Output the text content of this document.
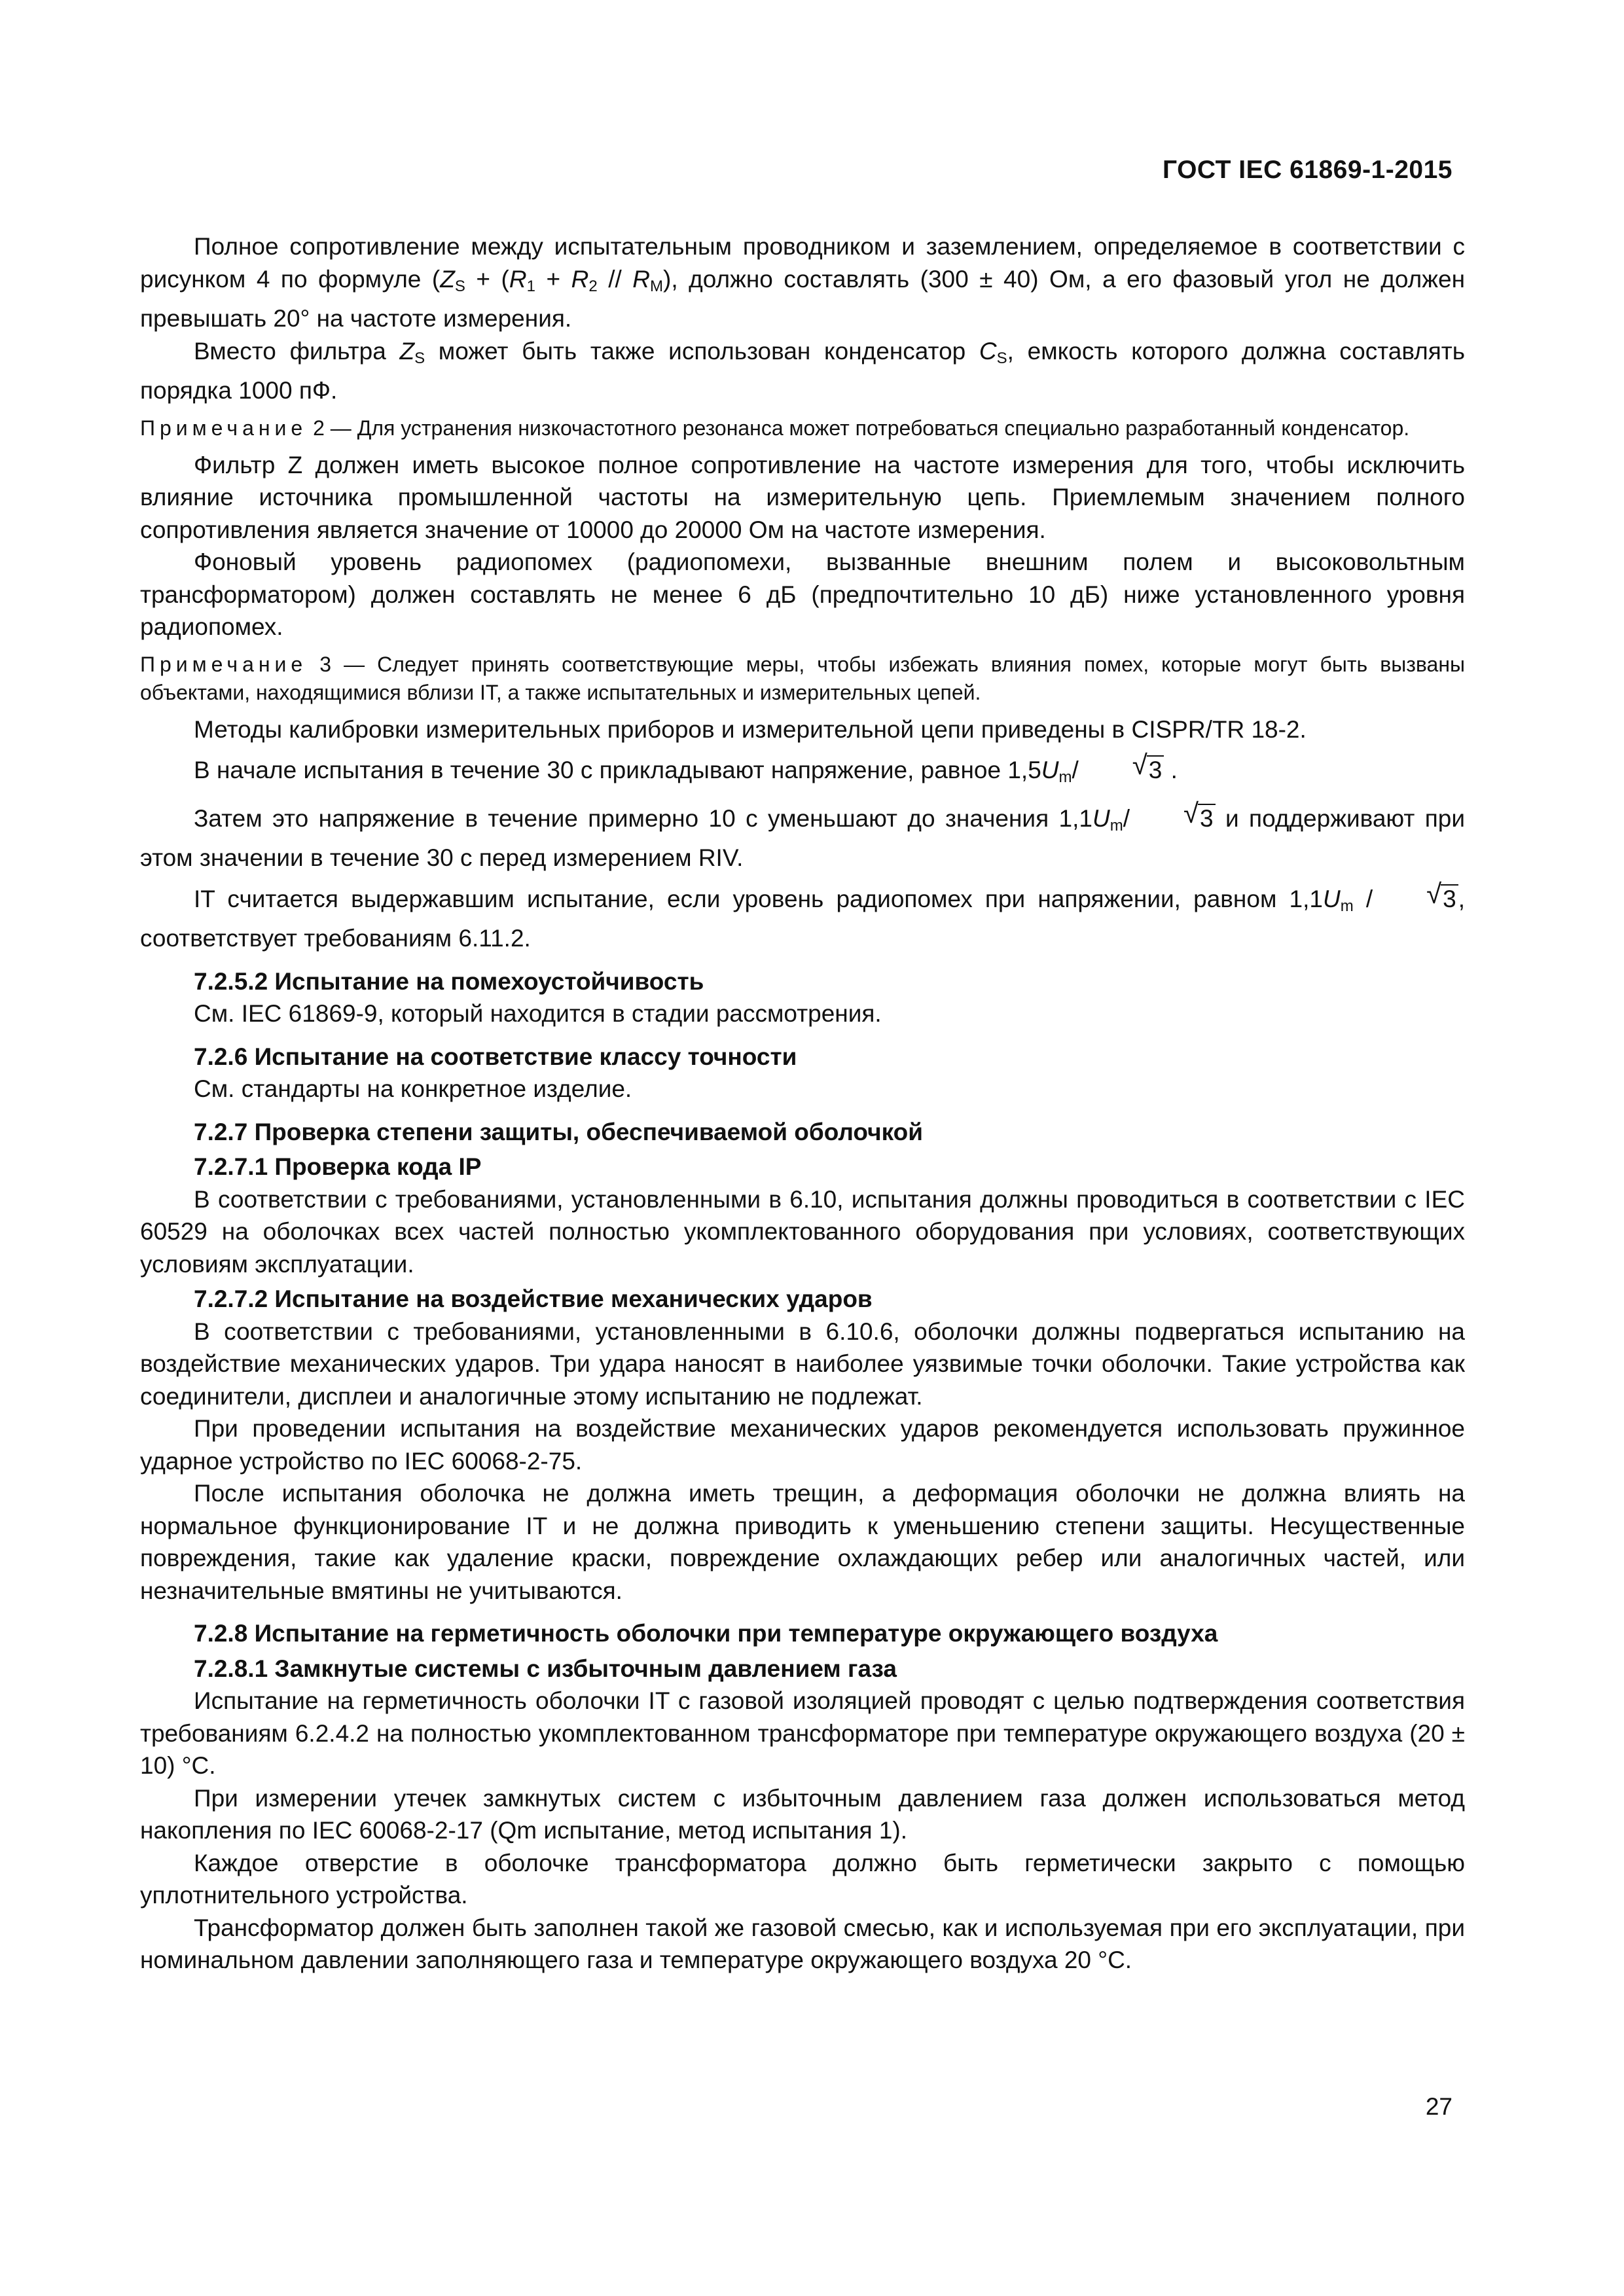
ГОСТ IEC 61869-1-2015

Полное сопротивление между испытательным проводником и заземлением, определяемое в соответствии с рисунком 4 по формуле (ZS + (R1 + R2 // RM), должно составлять (300 ± 40) Ом, а его фазовый угол не должен превышать 20° на частоте измерения.

Вместо фильтра ZS может быть также использован конденсатор CS, емкость которого должна составлять порядка 1000 пФ.

Примечание 2 — Для устранения низкочастотного резонанса может потребоваться специально разработанный конденсатор.

Фильтр Z должен иметь высокое полное сопротивление на частоте измерения для того, чтобы исключить влияние источника промышленной частоты на измерительную цепь. Приемлемым значением полного сопротивления является значение от 10000 до 20000 Ом на частоте измерения.

Фоновый уровень радиопомех (радиопомехи, вызванные внешним полем и высоковольтным трансформатором) должен составлять не менее 6 дБ (предпочтительно 10 дБ) ниже установленного уровня радиопомех.

Примечание 3 — Следует принять соответствующие меры, чтобы избежать влияния помех, которые могут быть вызваны объектами, находящимися вблизи IT, а также испытательных и измерительных цепей.

Методы калибровки измерительных приборов и измерительной цепи приведены в CISPR/TR 18-2.

В начале испытания в течение 30 с прикладывают напряжение, равное 1,5Um/	√ 3 .

Затем это напряжение в течение примерно 10 с уменьшают до значения 1,1Um/	√ 3 и поддерживают при этом значении в течение 30 с перед измерением RIV.

IT считается выдержавшим испытание, если уровень радиопомех при напряжении, равном 1,1Um /	√ 3, соответствует требованиям 6.11.2.

7.2.5.2 Испытание на помехоустойчивость

См. IEC 61869-9, который находится в стадии рассмотрения.

7.2.6 Испытание на соответствие классу точности

См. стандарты на конкретное изделие.

7.2.7 Проверка степени защиты, обеспечиваемой оболочкой
7.2.7.1 Проверка кода IP

В соответствии с требованиями, установленными в 6.10, испытания должны проводиться в соответствии с IEC 60529 на оболочках всех частей полностью укомплектованного оборудования при условиях, соответствующих условиям эксплуатации.

7.2.7.2 Испытание на воздействие механических ударов

В соответствии с требованиями, установленными в 6.10.6, оболочки должны подвергаться испытанию на воздействие механических ударов. Три удара наносят в наиболее уязвимые точки оболочки. Такие устройства как соединители, дисплеи и аналогичные этому испытанию не подлежат.

При проведении испытания на воздействие механических ударов рекомендуется использовать пружинное ударное устройство по IEC 60068-2-75.

После испытания оболочка не должна иметь трещин, а деформация оболочки не должна влиять на нормальное функционирование IT и не должна приводить к уменьшению степени защиты. Несущественные повреждения, такие как удаление краски, повреждение охлаждающих ребер или аналогичных частей, или незначительные вмятины не учитываются.

7.2.8 Испытание на герметичность оболочки при температуре окружающего воздуха
7.2.8.1 Замкнутые системы с избыточным давлением газа

Испытание на герметичность оболочки IT с газовой изоляцией проводят с целью подтверждения соответствия требованиям 6.2.4.2 на полностью укомплектованном трансформаторе при температуре окружающего воздуха (20 ± 10) °C.

При измерении утечек замкнутых систем с избыточным давлением газа должен использоваться метод накопления по IEC 60068-2-17 (Qm испытание, метод испытания 1).

Каждое отверстие в оболочке трансформатора должно быть герметически закрыто с помощью уплотнительного устройства.

Трансформатор должен быть заполнен такой же газовой смесью, как и используемая при его эксплуатации, при номинальном давлении заполняющего газа и температуре окружающего воздуха 20 °C.

27
